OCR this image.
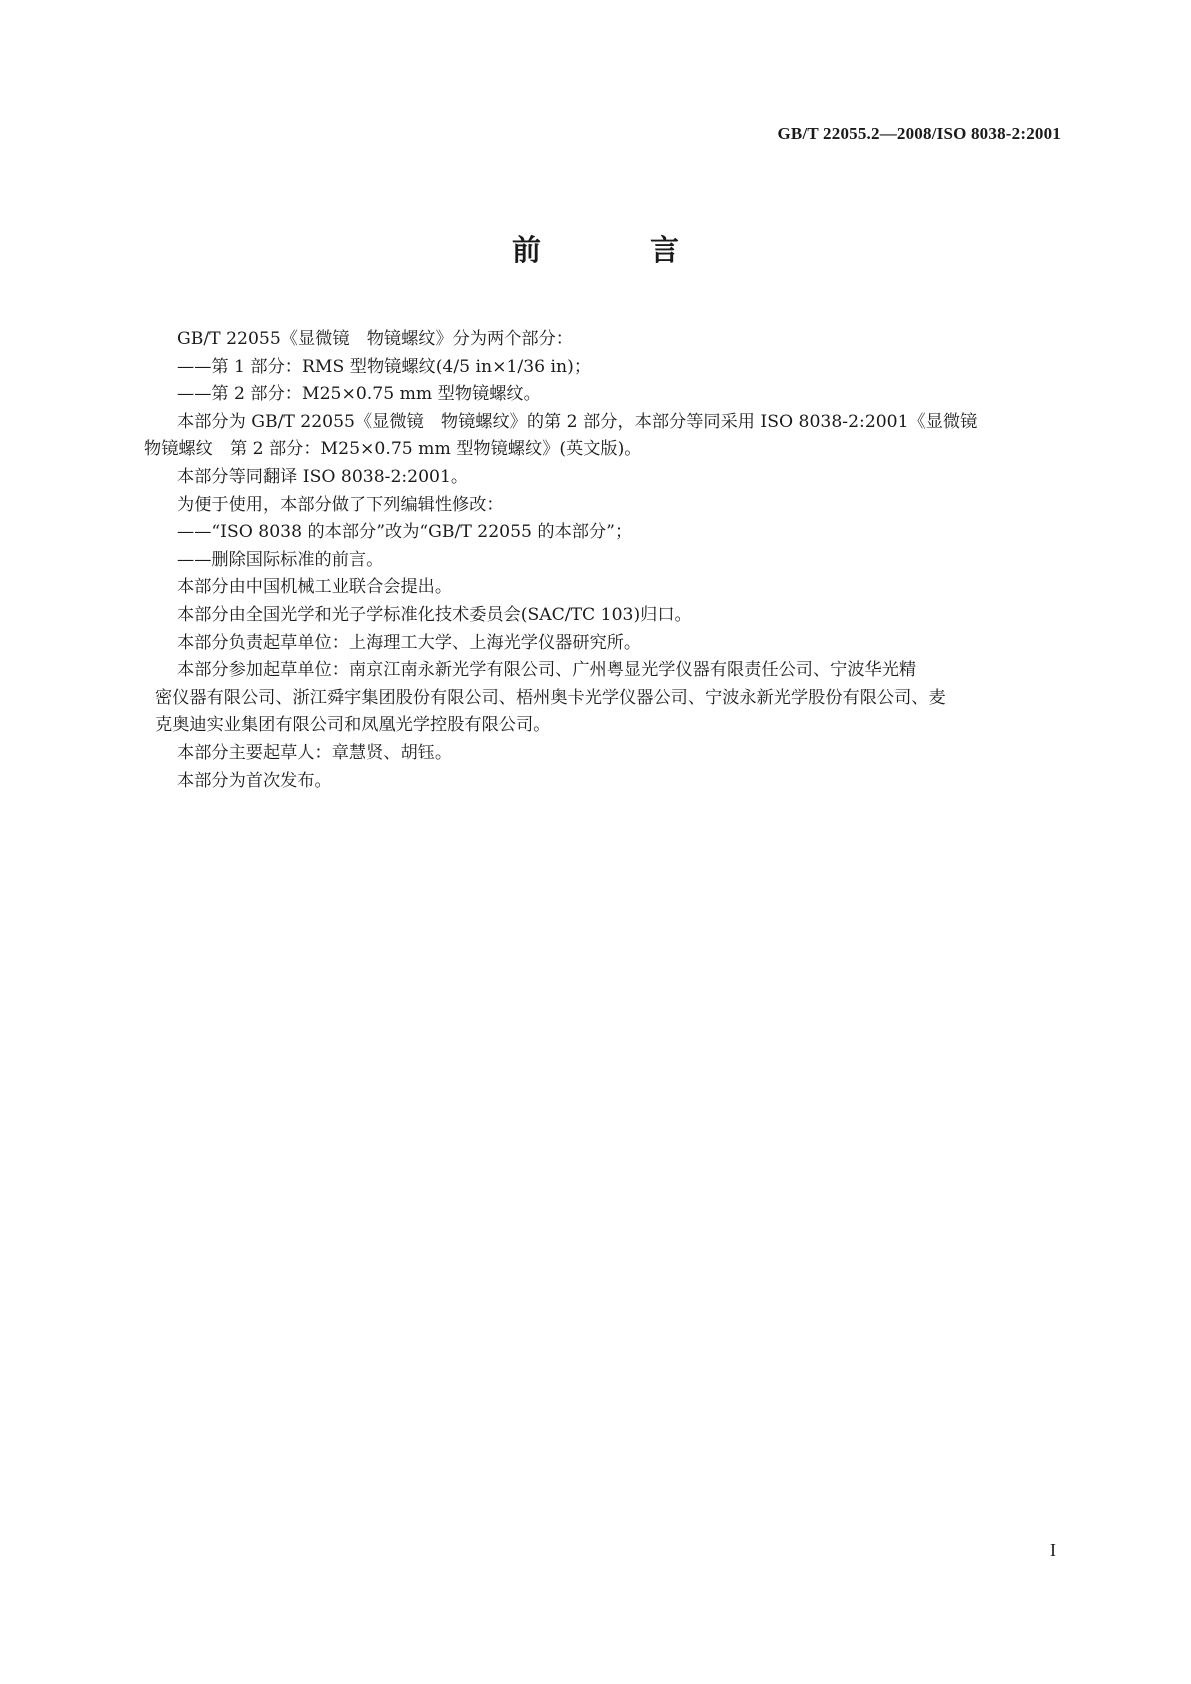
GB/T 22055.2—2008/ISO 8038-2:2001
前　言

GB/T 22055《显微镜　物镜螺纹》分为两个部分：

——第 1 部分：RMS 型物镜螺纹(4/5 in×1/36 in)；

——第 2 部分：M25×0.75 mm 型物镜螺纹。

本部分为 GB/T 22055《显微镜　物镜螺纹》的第 2 部分，本部分等同采用 ISO 8038-2:2001《显微镜

物镜螺纹　第 2 部分：M25×0.75 mm 型物镜螺纹》(英文版)。

本部分等同翻译 ISO 8038-2:2001。

为便于使用，本部分做了下列编辑性修改：

——“ISO 8038 的本部分”改为“GB/T 22055 的本部分”；

——删除国际标准的前言。

本部分由中国机械工业联合会提出。

本部分由全国光学和光子学标准化技术委员会(SAC/TC 103)归口。

本部分负责起草单位：上海理工大学、上海光学仪器研究所。

本部分参加起草单位：南京江南永新光学有限公司、广州粤显光学仪器有限责任公司、宁波华光精

密仪器有限公司、浙江舜宇集团股份有限公司、梧州奥卡光学仪器公司、宁波永新光学股份有限公司、麦

克奥迪实业集团有限公司和凤凰光学控股有限公司。

本部分主要起草人：章慧贤、胡钰。

本部分为首次发布。

I
